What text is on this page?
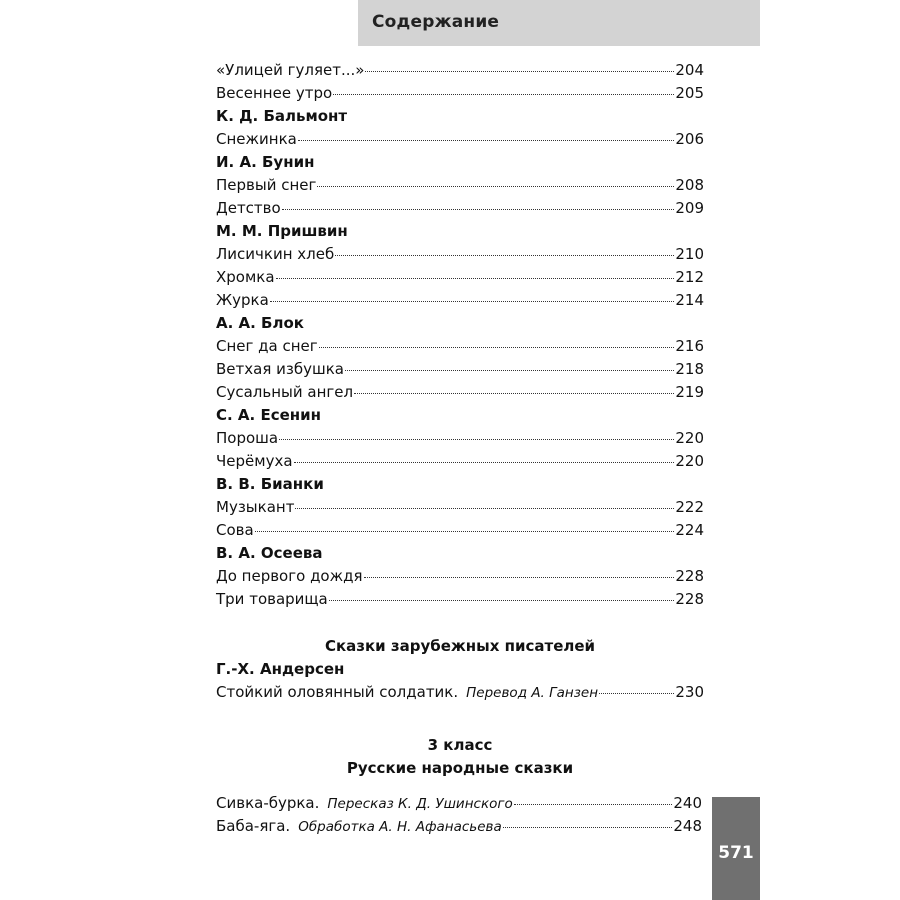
Содержание
«Улицей гуляет...»	204
Весеннее утро	205
К. Д. Бальмонт
Снежинка	206
И. А. Бунин
Первый снег	208
Детство	209
М. М. Пришвин
Лисичкин хлеб	210
Хромка	212
Журка	214
А. А. Блок
Снег да снег	216
Ветхая избушка	218
Сусальный ангел	219
С. А. Есенин
Пороша	220
Черёмуха	220
В. В. Бианки
Музыкант	222
Сова	224
В. А. Осеева
До первого дождя	228
Три товарища	228
Сказки зарубежных писателей
Г.-Х. Андерсен
Стойкий оловянный солдатик. Перевод А. Ганзен	230
3 класс
Русские народные сказки
Сивка-бурка. Пересказ К. Д. Ушинского	240
Баба-яга. Обработка А. Н. Афанасьева	248
571
